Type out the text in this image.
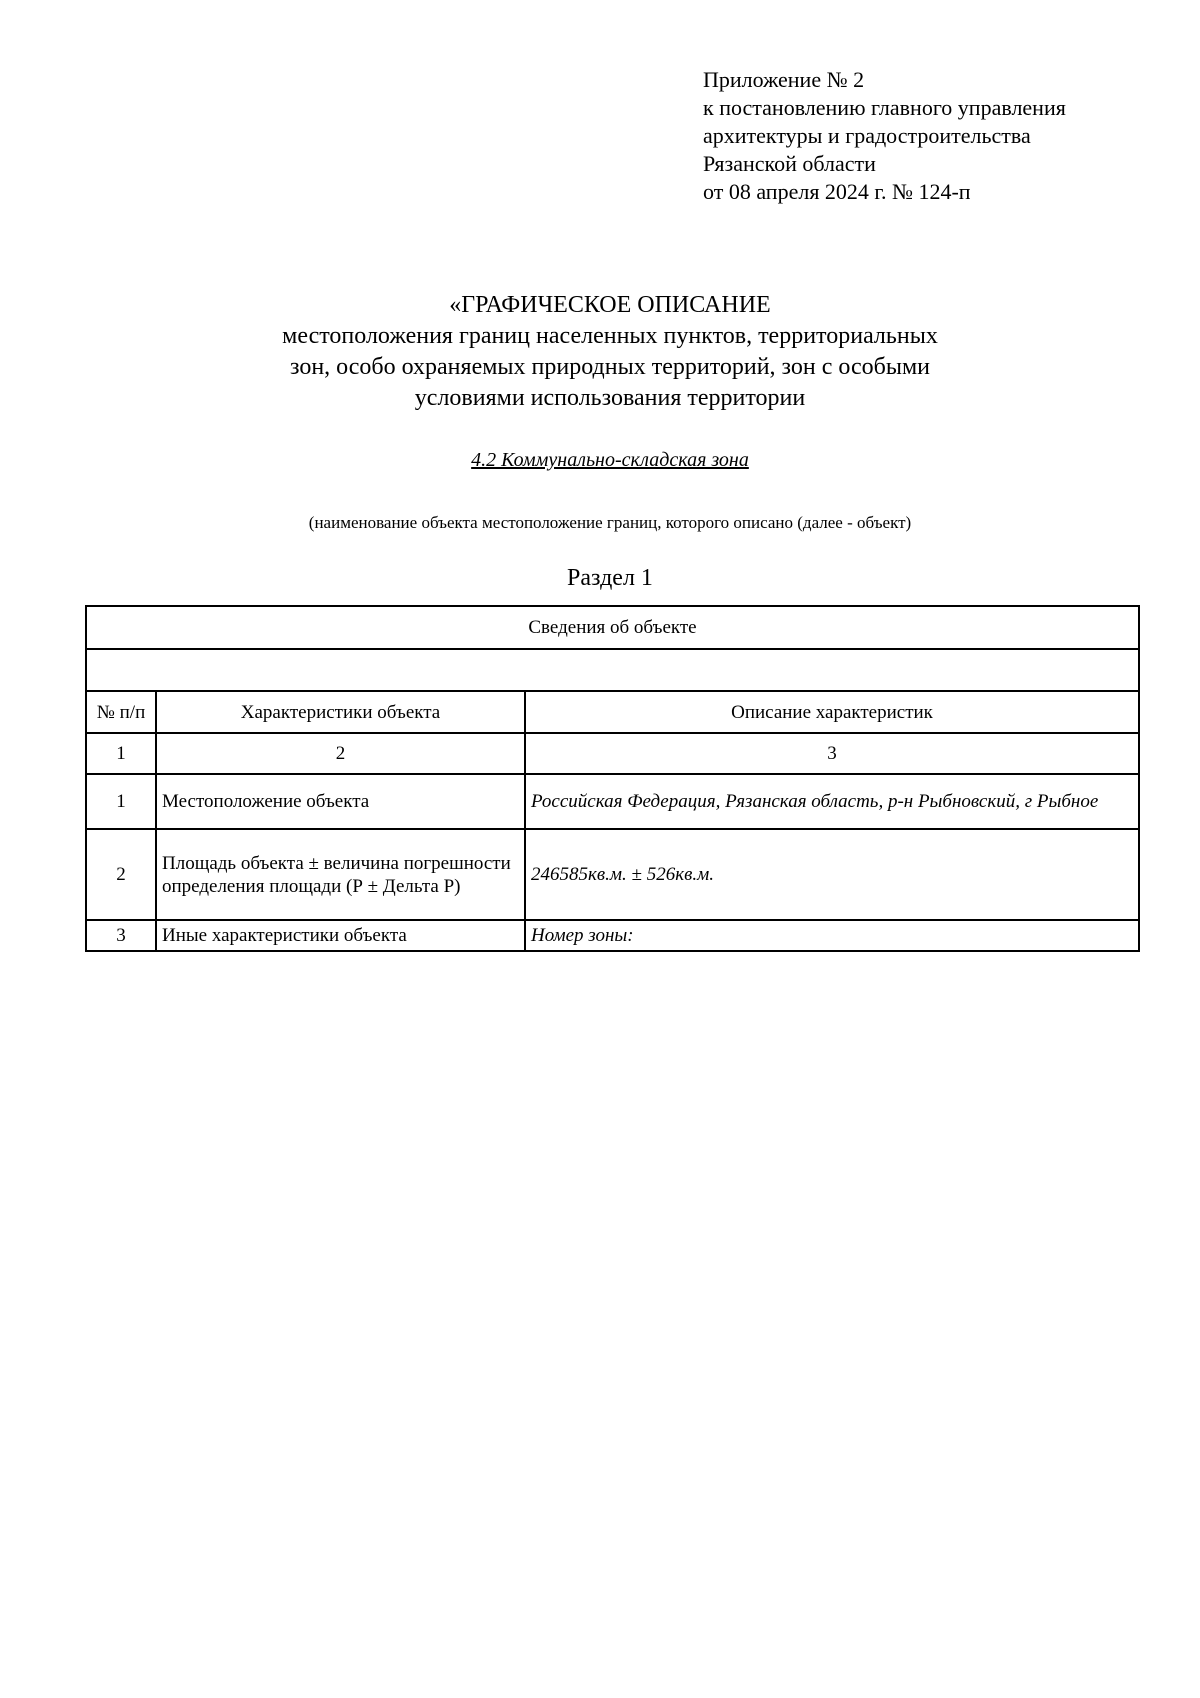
Приложение № 2
к постановлению главного управления
архитектуры и градостроительства
Рязанской области
от 08 апреля 2024 г. № 124-п
«ГРАФИЧЕСКОЕ ОПИСАНИЕ
местоположения границ населенных пунктов, территориальных
зон, особо охраняемых природных территорий, зон с особыми
условиями использования территории
4.2 Коммунально-складская зона
(наименование объекта местоположение границ, которого описано (далее - объект)
Раздел 1
Сведения об объекте		

№ п/п	Характеристики объекта	Описание характеристик
1	2	3
1	Местоположение объекта	Российская Федерация, Рязанская область, р-н Рыбновский, г Рыбное
2	Площадь объекта ± величина погрешности определения площади (Р ± Дельта Р)	246585кв.м. ± 526кв.м.
3	Иные характеристики объекта	Номер зоны:
